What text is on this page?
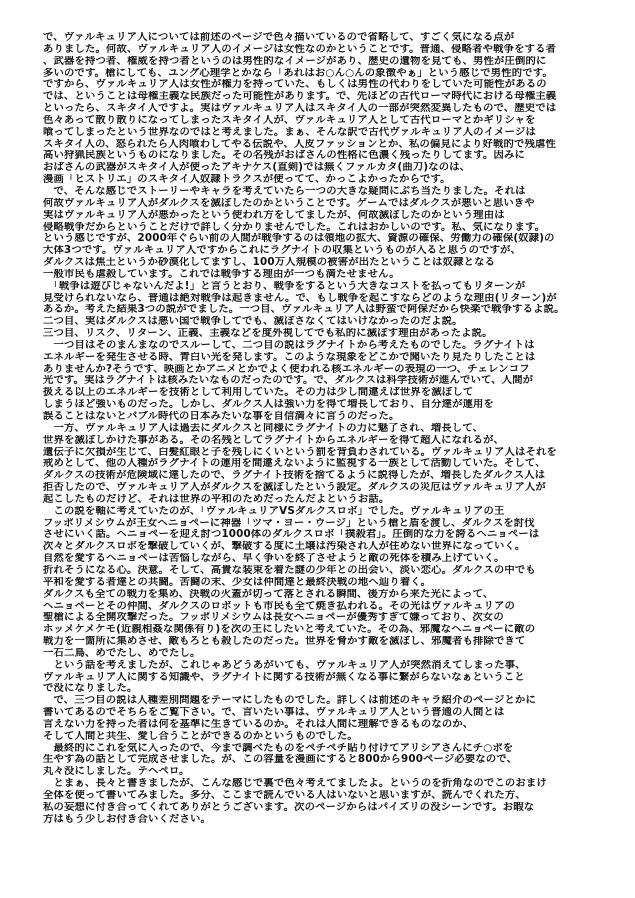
で、ヴァルキュリア人については前述のページで色々描いているので省略して、すごく気になる点が
ありました。何故、ヴァルキュリア人のイメージは女性なのかということです。普通、侵略者や戦争をする者
、武器を持つ者、権威を持つ者というのは男性的なイメージがあり、歴史の遺物を見ても、男性が圧倒的に
多いのです。槍にしても、ユング心理学とかなら「あれはお○ん○んの象徴やぁ」という感じで男性的です。
ですから、ヴァルキュリア人は女性が権力を持っていた、もしくは男性の代わりをしていた可能性があるの
では、ということは母権主義な民族だった可能性があります。で、先ほどの古代ローマ時代における母権主義
といったら、スキタイ人ですよ。実はヴァルキュリア人はスキタイ人の一部が突然変異したもので、歴史では
色々あって散り散りになってしまったスキタイ人が、ヴァルキュリア人として古代ローマとかギリシャを
喰ってしまったという世界なのではと考えました。まぁ、そんな訳で古代ヴァルキュリア人のイメージは
スキタイ人の、怒られたら人肉喰わしてやる伝説や、人皮ファッションとか、私の偏見により好戦的で残虐性
高い狩猟民族というものになりました。その名残がおばさんの性格に色濃く残ったりしてます。因みに
おばさんの武器がスキタイ人が使ったアキナケス(直剣)では無くファルカタ(曲刀)なのは、
漫画「ヒストリエ」のスキタイ人奴隷トラクスが使ってて、かっこよかったからです。
　で、そんな感じでストーリーやキャラを考えていたら一つの大きな疑問にぶち当たりました。それは
何故ヴァルキュリア人がダルクスを滅ぼしたのかということです。ゲームではダルクスが悪いと思いきや
実はヴァルキュリア人が悪かったという使われ方をしてましたが、何故滅ぼしたのかという理由は
侵略戦争だからということだけで詳しく分かりませんでした。これはおかしいのです。私、気になります。
という感じですが、2000年ぐらい前の人間が戦争するのは領地の拡大、資源の確保、労働力の確保(奴隷)の
大体3つです。ヴァルキュリア人ですからこれにラグナイトの収集というものが入ると思うのですが、
ダルクスは焦土というか砂漠化してますし、100万人規模の被害が出たということは奴隷となる
一般市民も虐殺しています。これでは戦争する理由が一つも満たせません。
　「戦争は遊びじゃないんだよ!」と言うとおり、戦争をするという大きなコストを払ってもリターンが
見受けられないなら、普通は絶対戦争は起きません。で、もし戦争を起こすならどのような理由(リターン)が
あるか。考えた結果3つの説がでました。一つ目、ヴァルキュリア人は野蛮で阿保だから快楽で戦争するよ説。
二つ目、実はダルクスは悪い国で戦争してでも、滅ぼさなくてはいけなかったのだよ説。
三つ目、リスク、リターン、正義、主義などを度外視してでも私的に滅ぼす理由があったよ説。
　一つ目はそのまんまなのでスルーして、二つ目の説はラグナイトから考えたものでした。ラグナイトは
エネルギーを発生させる時、青白い光を発します。このような現象をどこかで聞いたり見たりしたことは
ありませんか?そうです、映画とかアニメとかでよく使われる核エネルギーの表現の一つ、チェレンコフ
光です。実はラグナイトは核みたいなものだったのです。で、ダルクスは科学技術が進んでいて、人間が
扱える以上のエネルギーを技術として利用していた。その力は少し間違えば世界を滅ぼして
しまうほど強いものだった。しかし、ダルクス人は強い力を得て増長しており、自分達が運用を
誤ることはないとバブル時代の日本みたいな事を自信満々に言うのだった。
　一方、ヴァルキュリア人は過去にダルクスと同様にラグナイトの力に魅了され、増長して、
世界を滅ぼしかけた事がある。その名残としてラグナイトからエネルギーを得て超人になれるが、
遺伝子に欠損が生じて、白髪紅眼と子を残しにくいという罰を背負わされている。ヴァルキュリア人はそれを
戒めとして、他の人種がラグナイトの運用を間違えないように監視する一族として活動していた。そして、
ダルクスの技術が危険域に達したので、ラグナイト技術を捨てるように説得したが、増長したダルクス人は
拒否したので、ヴァルキュリア人がダルクスを滅ぼしたという設定。ダルクスの災厄はヴァルキュリア人が
起こしたものだけど、それは世界の平和のためだったんだよというお話。
　この説を軸に考えていたのが、「ヴァルキュリアVSダルクスロボ」でした。ヴァルキュリアの王
フッポリメシウムが王女ヘニョペーに神器「ツマ・ヨー・ウージ」という槍と盾を渡し、ダルクスを討伐
させにいく話。ヘニョペーを迎え討つ1000体のダルクスロボ「撲殺君」。圧倒的な力を誇るヘニョペーは
次々とダルクスロボを撃破していくが、撃破する度に土壌は汚染され人が住めない世界になっていく。
自然を愛するヘニョペーは苦悩しながら、早く争いを終了させようと敵の死体を積み上げていく。
折れそうになる心。決意。そして、高貴な装束を着た謎の少年との出会い、淡い恋心。ダルクスの中でも
平和を愛する者達との共闘。苦闘の末、少女は仲間達と最終決戦の地へ辿り着く。
ダルクスも全ての戦力を集め、決戦の火蓋が切って落とされる瞬間、後方から来た光によって、
ヘニョペーとその仲間、ダルクスのロボットも市民も全て焼き払われる。その光はヴァルキュリアの
聖槍による全開攻撃だった。フッポリメシウムは長女ヘニョペーが優秀すぎて嫌っており、次女の
ホッメケメケモ(近親相姦な関係有り)を次の王にしたいと考えていた。その為、邪魔なヘニョペーに敵の
戦力を一箇所に集めさせ、敵もろとも殺したのだった。世界を脅かす敵を滅ぼし、邪魔者も排除できて
一石二鳥、めでたし、めでたし。
　という話を考えましたが、これじゃあどうあがいても、ヴァルキュリア人が突然消えてしまった事、
ヴァルキュリア人に関する知識や、ラグナイトに関する技術が無くなる事に繋がらないなぁということ
で没になりました。
　で、三つ目の説は人種差別問題をテーマにしたものでした。詳しくは前述のキャラ紹介のページとかに
書いてあるのでそちらをご覧下さい。で、言いたい事は、ヴァルキュリア人という普通の人間とは
言えない力を持った者は何を基準に生きているのか。それは人間に理解できるものなのか、
そして人間と共生、愛し合うことができるのかというものでした。
　最終的にこれを気に入ったので、今まで調べたものをペチペチ貼り付けてアリシアさんにチ○ポを
生やす為の話として完成させました。が、この容量を漫画にすると800から900ページ必要なので、
丸々没にしました。テヘペロ。
　とまぁ、長々と書きましたが、こんな感じで裏で色々考えてましたよ。というのを折角なのでこのおまけ
全体を使って書いてみました。多分、ここまで読んでいる人はいないと思いますが、読んでくれた方、
私の妄想に付き合ってくれてありがとうございます。次のページからはパイズリの没シーンです。お暇な
方はもう少しお付き合いください。
